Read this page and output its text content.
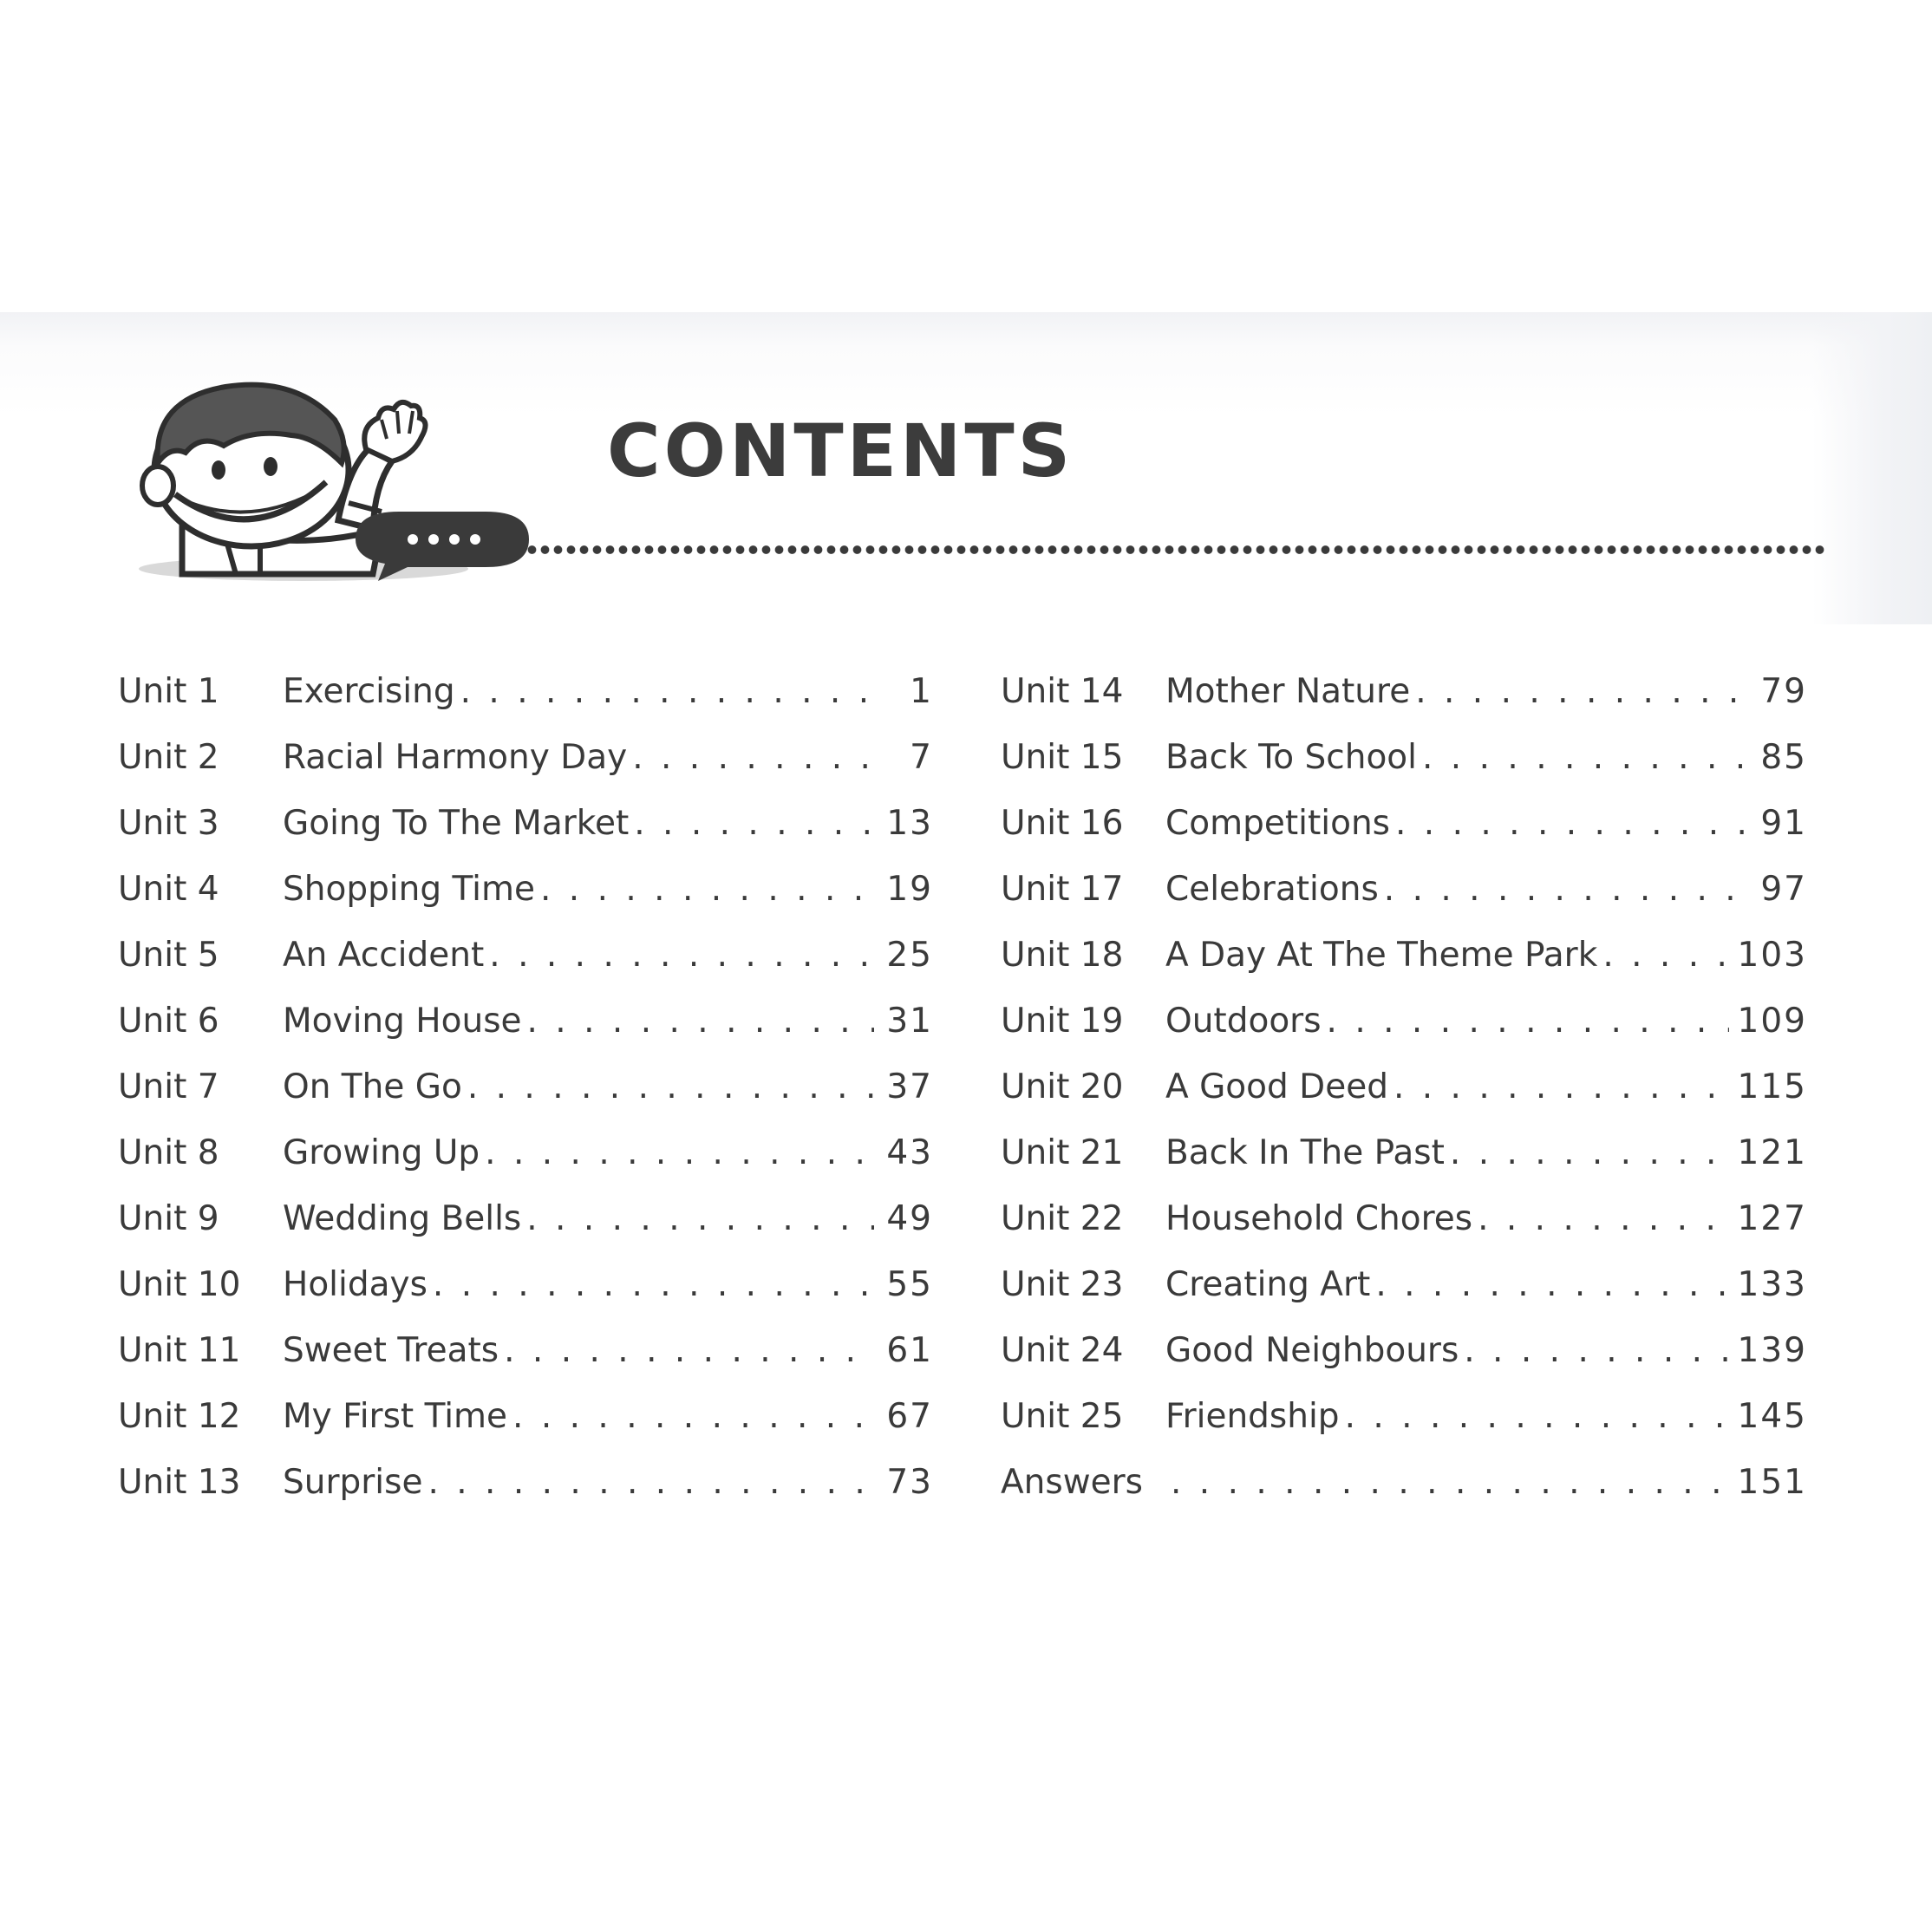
CONTENTS
Unit 1	Exercising . . .	1
Unit 2	Racial Harmony Day . . .	7
Unit 3	Going To The Market . . .	13
Unit 4	Shopping Time . . .	19
Unit 5	An Accident . . .	25
Unit 6	Moving House . . .	31
Unit 7	On The Go . . .	37
Unit 8	Growing Up . . .	43
Unit 9	Wedding Bells . . .	49
Unit 10	Holidays . . .	55
Unit 11	Sweet Treats . . .	61
Unit 12	My First Time . . .	67
Unit 13	Surprise . . .	73
Unit 14	Mother Nature . . .	79
Unit 15	Back To School . . .	85
Unit 16	Competitions . . .	91
Unit 17	Celebrations . . .	97
Unit 18	A Day At The Theme Park . . .	103
Unit 19	Outdoors . . .	109
Unit 20	A Good Deed . . .	115
Unit 21	Back In The Past . . .	121
Unit 22	Household Chores . . .	127
Unit 23	Creating Art . . .	133
Unit 24	Good Neighbours . . .	139
Unit 25	Friendship . . .	145
Answers . . .	151
